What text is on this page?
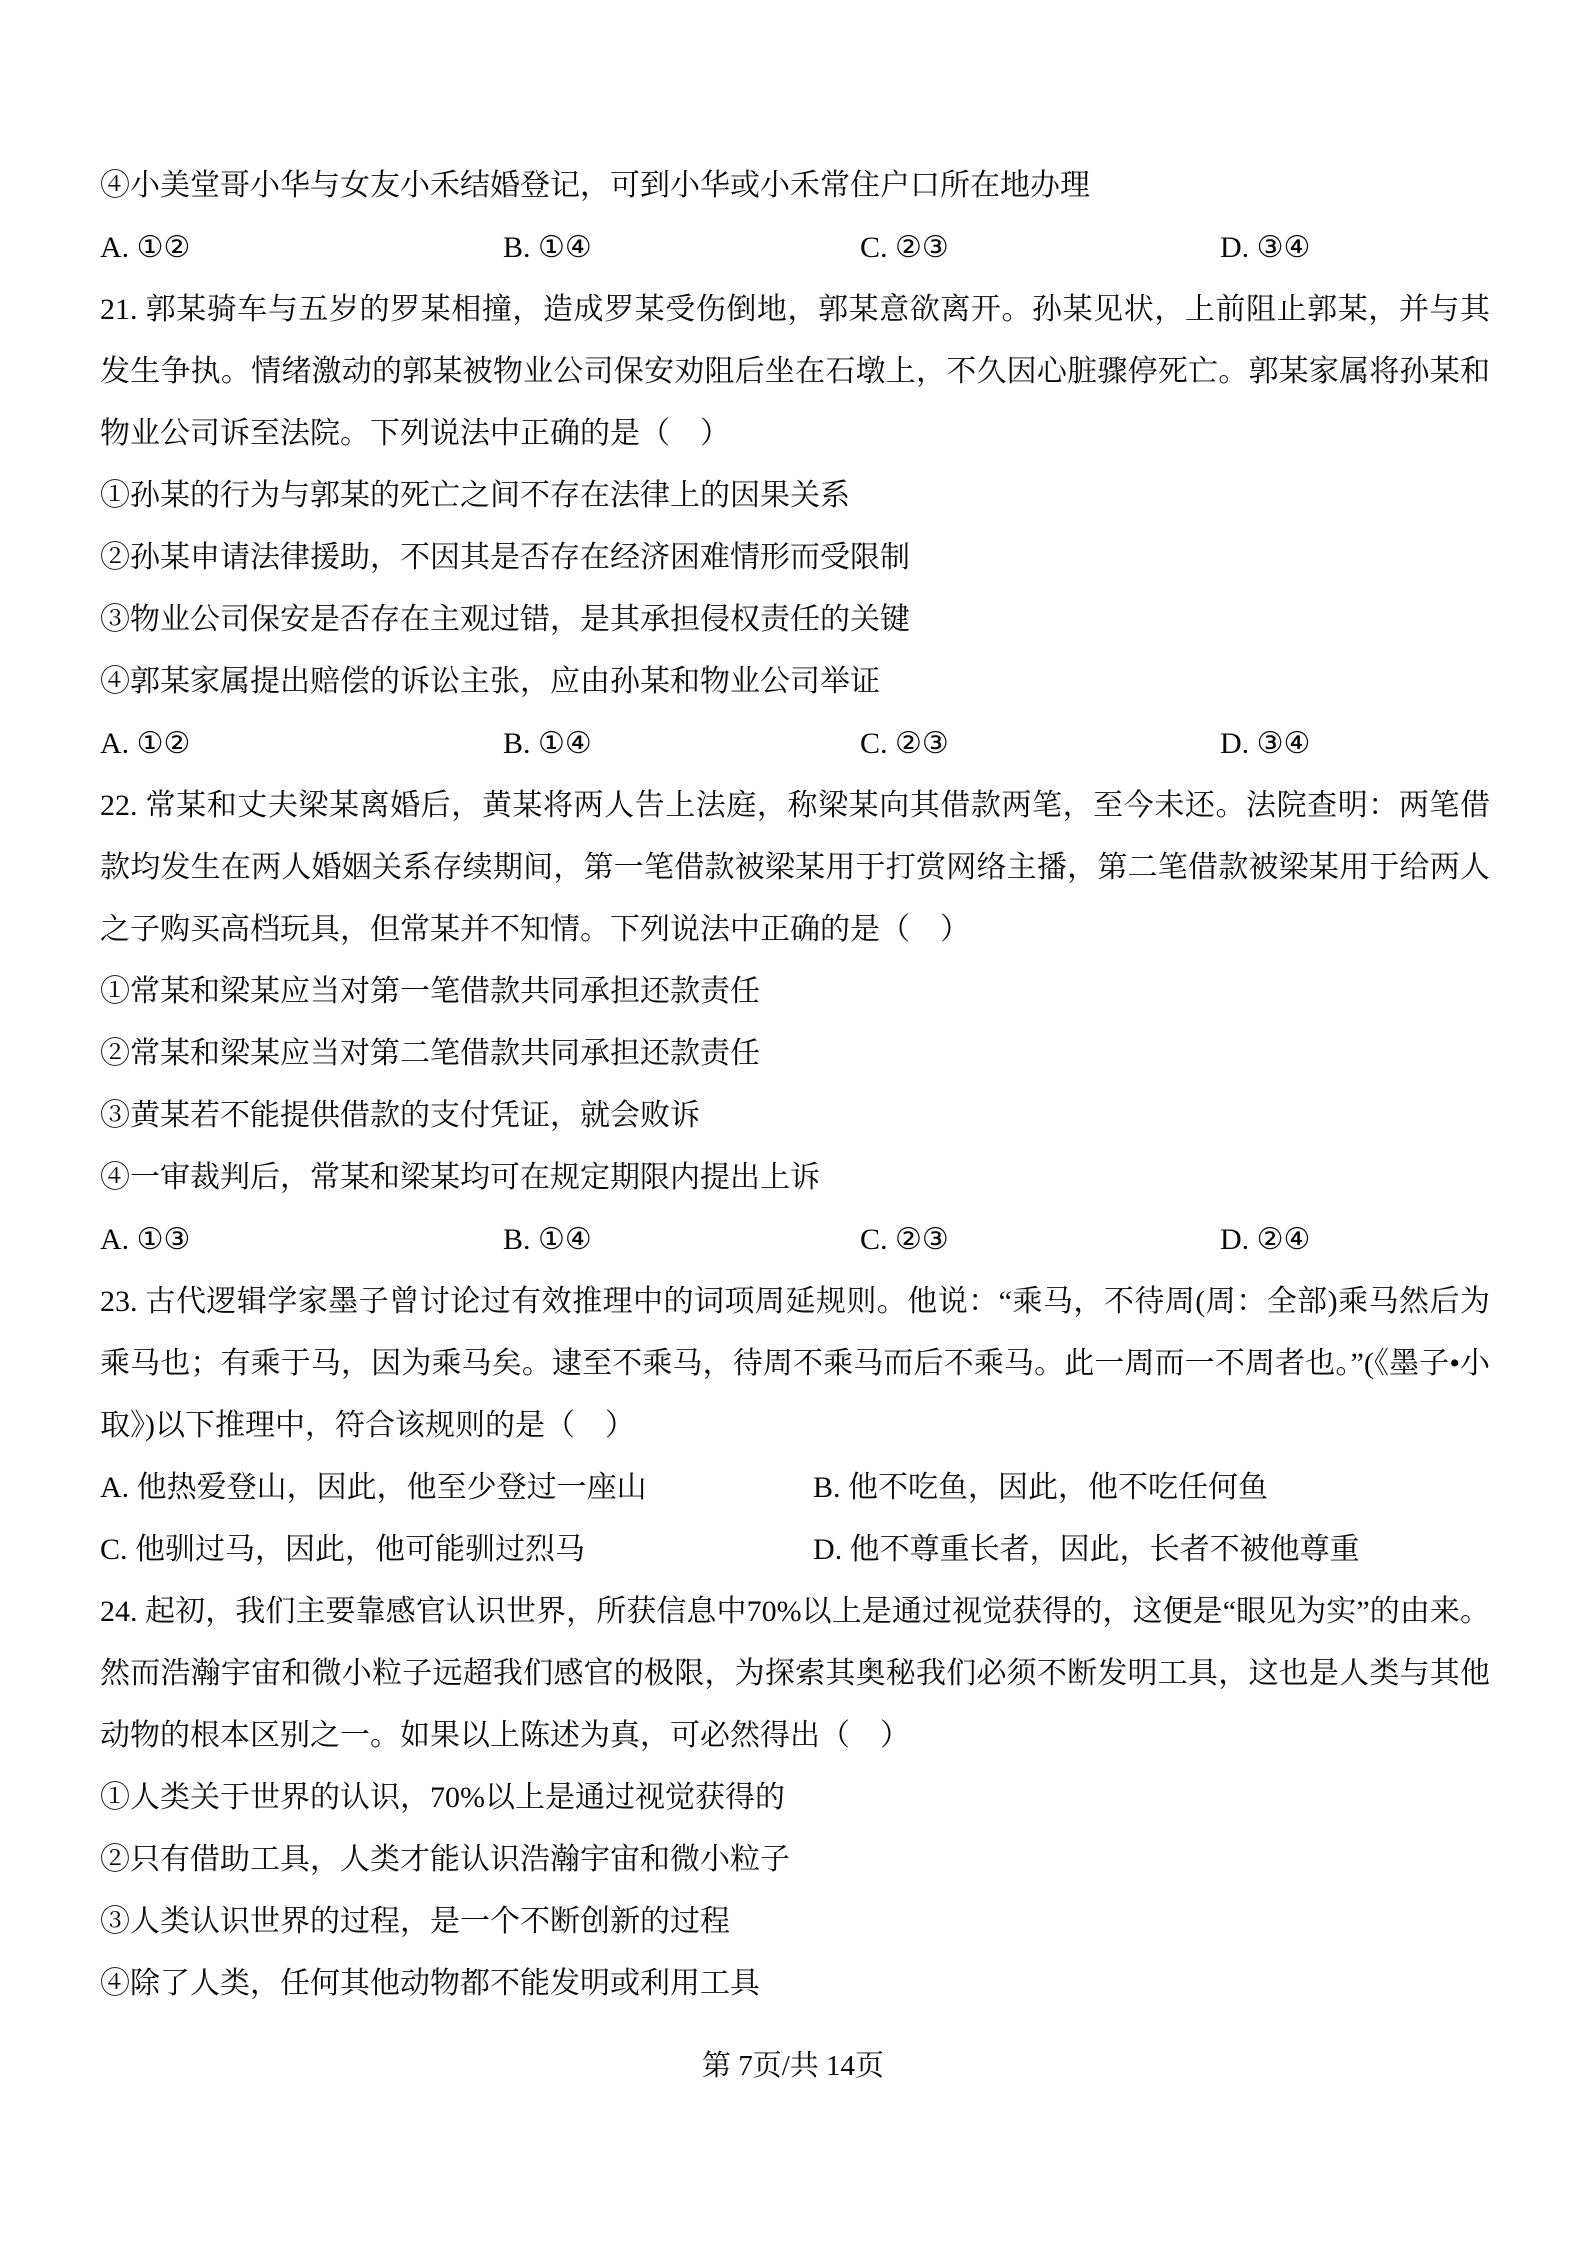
④小美堂哥小华与女友小禾结婚登记，可到小华或小禾常住户口所在地办理
A. ①②	B. ①④	C. ②③	D. ③④

21. 郭某骑车与五岁的罗某相撞，造成罗某受伤倒地，郭某意欲离开。孙某见状，上前阻止郭某，并与其发生争执。情绪激动的郭某被物业公司保安劝阻后坐在石墩上，不久因心脏骤停死亡。郭某家属将孙某和物业公司诉至法院。下列说法中正确的是（　）

①孙某的行为与郭某的死亡之间不存在法律上的因果关系
②孙某申请法律援助，不因其是否存在经济困难情形而受限制
③物业公司保安是否存在主观过错，是其承担侵权责任的关键
④郭某家属提出赔偿的诉讼主张，应由孙某和物业公司举证
A. ①②	B. ①④	C. ②③	D. ③④

22. 常某和丈夫梁某离婚后，黄某将两人告上法庭，称梁某向其借款两笔，至今未还。法院查明：两笔借款均发生在两人婚姻关系存续期间，第一笔借款被梁某用于打赏网络主播，第二笔借款被梁某用于给两人之子购买高档玩具，但常某并不知情。下列说法中正确的是（　）

①常某和梁某应当对第一笔借款共同承担还款责任
②常某和梁某应当对第二笔借款共同承担还款责任
③黄某若不能提供借款的支付凭证，就会败诉
④一审裁判后，常某和梁某均可在规定期限内提出上诉
A. ①③	B. ①④	C. ②③	D. ②④

23. 古代逻辑学家墨子曾讨论过有效推理中的词项周延规则。他说：“乘马，不待周(周：全部)乘马然后为乘马也；有乘于马，因为乘马矣。逮至不乘马，待周不乘马而后不乘马。此一周而一不周者也。”(《墨子•小取》)以下推理中，符合该规则的是（　）

A. 他热爱登山，因此，他至少登过一座山	B. 他不吃鱼，因此，他不吃任何鱼
C. 他驯过马，因此，他可能驯过烈马	D. 他不尊重长者，因此，长者不被他尊重

24. 起初，我们主要靠感官认识世界，所获信息中70%以上是通过视觉获得的，这便是“眼见为实”的由来。然而浩瀚宇宙和微小粒子远超我们感官的极限，为探索其奥秘我们必须不断发明工具，这也是人类与其他动物的根本区别之一。如果以上陈述为真，可必然得出（　）

①人类关于世界的认识，70%以上是通过视觉获得的
②只有借助工具，人类才能认识浩瀚宇宙和微小粒子
③人类认识世界的过程，是一个不断创新的过程
④除了人类，任何其他动物都不能发明或利用工具
第 7页/共 14页
